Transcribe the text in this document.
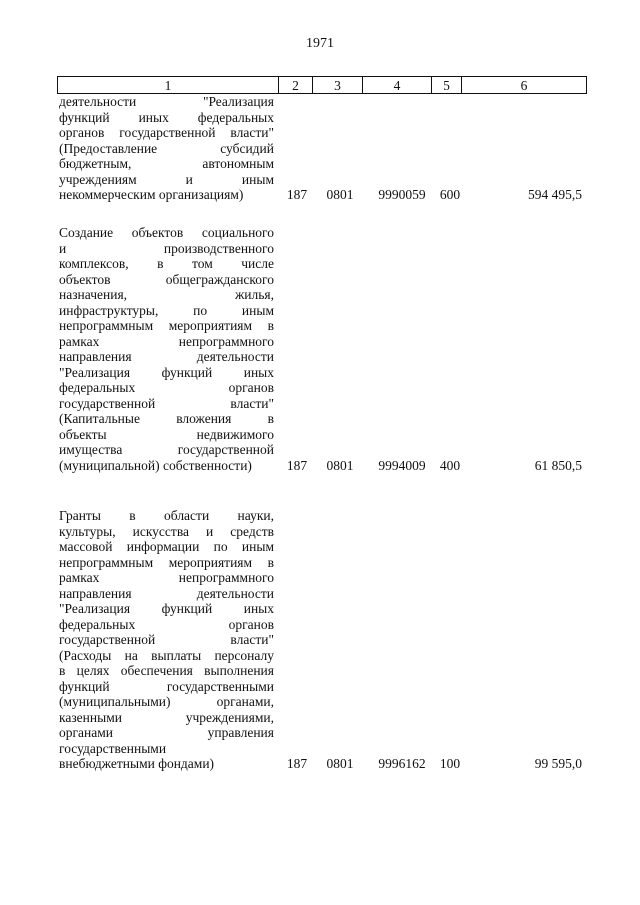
1971
1	2	3	4	5	6
деятельности "Реализация
функций иных федеральных
органов государственной власти"
(Предоставление субсидий
бюджетным, автономным
учреждениям и иным
некоммерческим организациям)	187	0801	9990059	600	594 495,5
Создание объектов социального
и производственного
комплексов, в том числе
объектов общегражданского
назначения, жилья,
инфраструктуры, по иным
непрограммным мероприятиям в
рамках непрограммного
направления деятельности
"Реализация функций иных
федеральных органов
государственной власти"
(Капитальные вложения в
объекты недвижимого
имущества государственной
(муниципальной) собственности)	187	0801	9994009	400	61 850,5
Гранты в области науки,
культуры, искусства и средств
массовой информации по иным
непрограммным мероприятиям в
рамках непрограммного
направления деятельности
"Реализация функций иных
федеральных органов
государственной власти"
(Расходы на выплаты персоналу
в целях обеспечения выполнения
функций государственными
(муниципальными) органами,
казенными учреждениями,
органами управления
государственными
внебюджетными фондами)	187	0801	9996162	100	99 595,0
